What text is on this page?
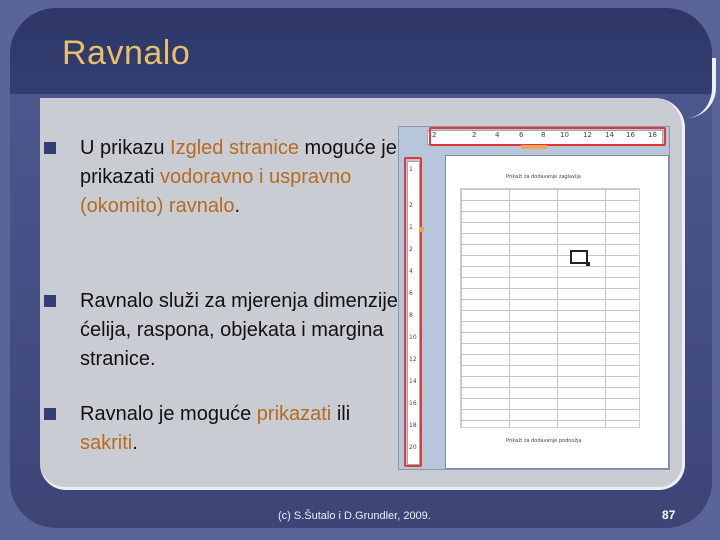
Ravnalo
U prikazu Izgled stranice moguće je prikazati vodoravno i uspravno (okomito) ravnalo.
Ravnalo služi za mjerenja dimenzije ćelija, raspona, objekata i margina stranice.
Ravnalo je moguće prikazati ili sakriti.
2	2	4	6	8 10 12 14 16 18
1
2
1
2
4
6
8
10
12
14
16
18
20
Prikaži za dodavanje zaglavlja
Prikaži za dodavanje podnožja
(c) S.Šutalo i D.Grundler, 2009.	87
